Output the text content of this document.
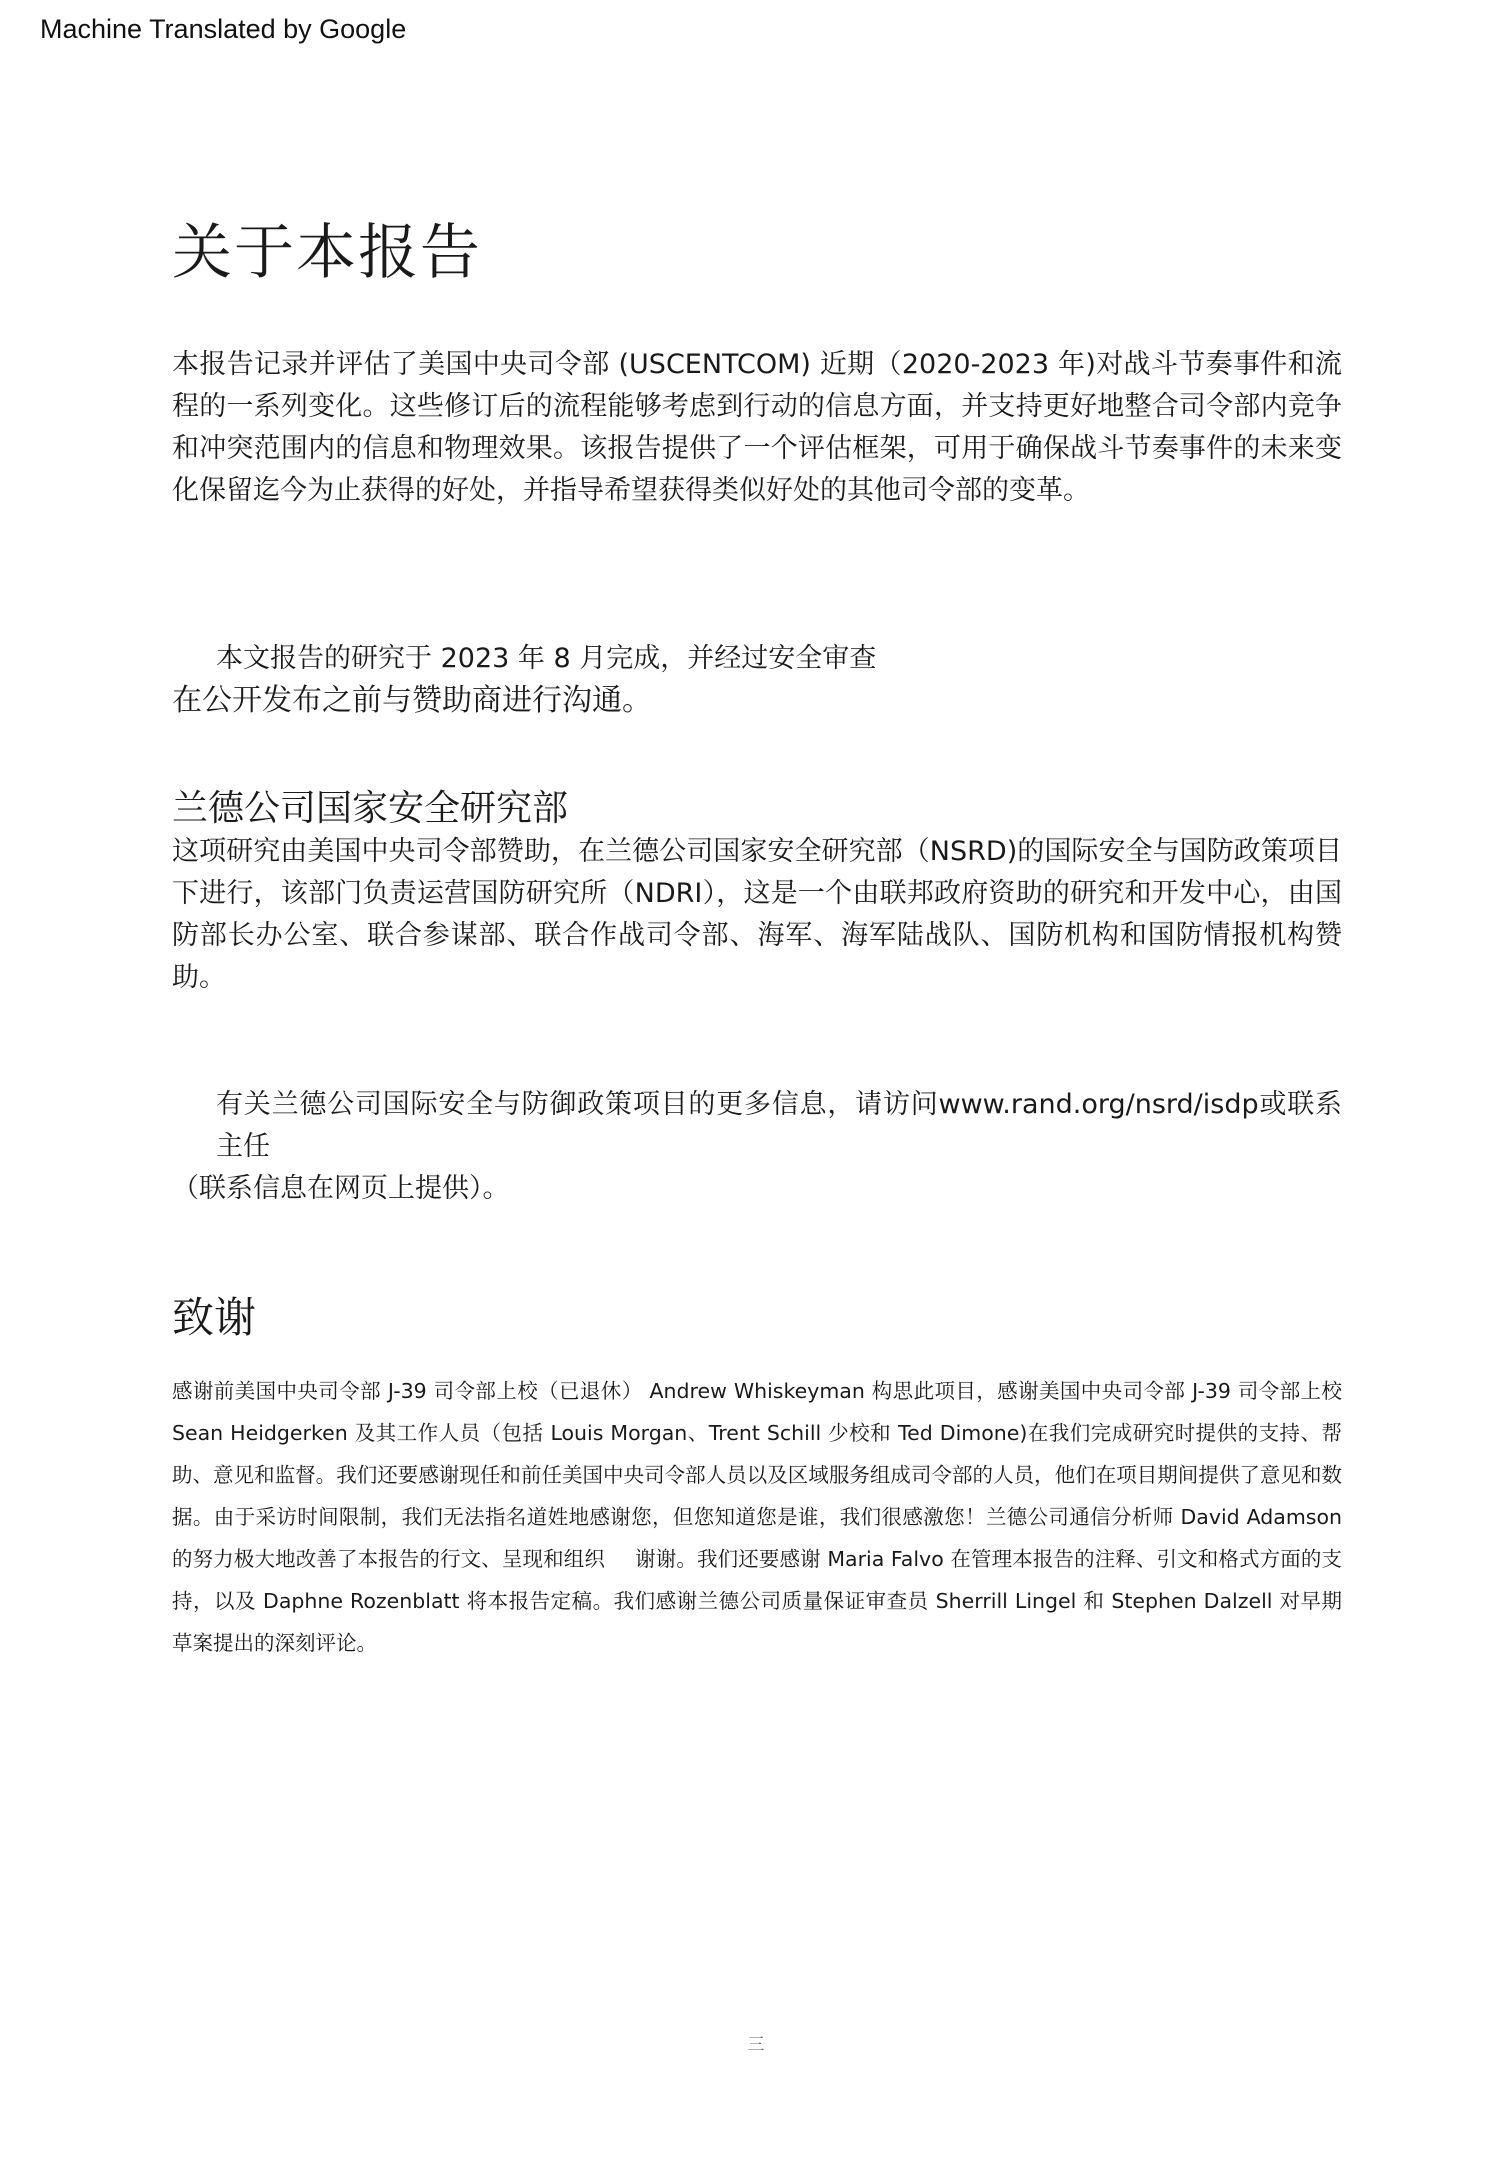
Machine Translated by Google
关于本报告

本报告记录并评估了美国中央司令部 (USCENTCOM) 近期（2020-2023 年)对战斗节奏事件和流程的一系列变化。这些修订后的流程能够考虑到行动的信息方面，并支持更好地整合司令部内竞争和冲突范围内的信息和物理效果。该报告提供了一个评估框架，可用于确保战斗节奏事件的未来变化保留迄今为止获得的好处，并指导希望获得类似好处的其他司令部的变革。

本文报告的研究于 2023 年 8 月完成，并经过安全审查

在公开发布之前与赞助商进行沟通。

兰德公司国家安全研究部

这项研究由美国中央司令部赞助，在兰德公司国家安全研究部（NSRD)的国际安全与国防政策项目下进行，该部门负责运营国防研究所（NDRI），这是一个由联邦政府资助的研究和开发中心，由国防部长办公室、联合参谋部、联合作战司令部、海军、海军陆战队、国防机构和国防情报机构赞助。

有关兰德公司国际安全与防御政策项目的更多信息，请访问www.rand.org/nsrd/isdp或联系主任
（联系信息在网页上提供）。
致谢

感谢前美国中央司令部 J-39 司令部上校（已退休） Andrew Whiskeyman 构思此项目，感谢美国中央司令部 J-39 司令部上校 Sean Heidgerken 及其工作人员（包括 Louis Morgan、Trent Schill 少校和 Ted Dimone)在我们完成研究时提供的支持、帮助、意见和监督。我们还要感谢现任和前任美国中央司令部人员以及区域服务组成司令部的人员，他们在项目期间提供了意见和数据。由于采访时间限制，我们无法指名道姓地感谢您，但您知道您是谁，我们很感激您！兰德公司通信分析师 David Adamson 的努力极大地改善了本报告的行文、呈现和组织 谢谢。我们还要感谢 Maria Falvo 在管理本报告的注释、引文和格式方面的支持，以及 Daphne Rozenblatt 将本报告定稿。我们感谢兰德公司质量保证审查员 Sherrill Lingel 和 Stephen Dalzell 对早期草案提出的深刻评论。

三
